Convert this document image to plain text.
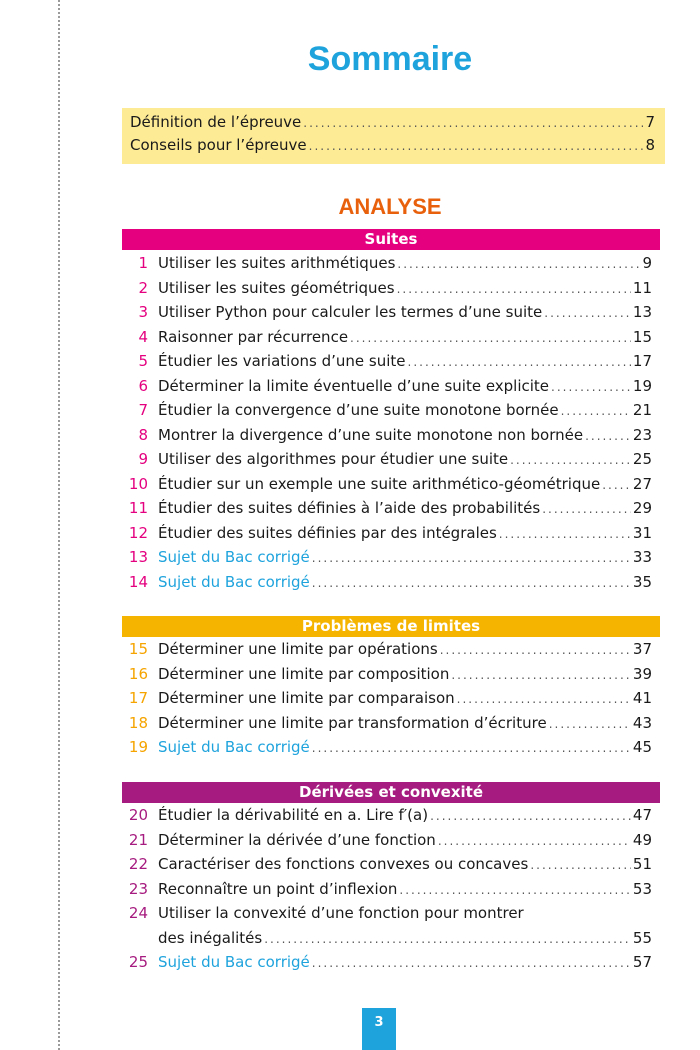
Sommaire
Définition de l’épreuve .....	7
Conseils pour l’épreuve .....	8
ANALYSE
Suites
1 Utiliser les suites arithmétiques .....	9
2 Utiliser les suites géométriques .....	11
3 Utiliser Python pour calculer les termes d’une suite .....	13
4 Raisonner par récurrence .....	15
5 Étudier les variations d’une suite .....	17
6 Déterminer la limite éventuelle d’une suite explicite .....	19
7 Étudier la convergence d’une suite monotone bornée .....	21
8 Montrer la divergence d’une suite monotone non bornée .....	23
9 Utiliser des algorithmes pour étudier une suite .....	25
10 Étudier sur un exemple une suite arithmético-géométrique ..... 27
11 Étudier des suites définies à l’aide des probabilités .....	29
12 Étudier des suites définies par des intégrales .....	31
13 Sujet du Bac corrigé .....	33
14 Sujet du Bac corrigé .....	35
Problèmes de limites
15 Déterminer une limite par opérations .....	37
16 Déterminer une limite par composition .....	39
17 Déterminer une limite par comparaison .....	41
18 Déterminer une limite par transformation d’écriture .....	43
19 Sujet du Bac corrigé .....	45
Dérivées et convexité
20 Étudier la dérivabilité en a. Lire f′(a) .....	47
21 Déterminer la dérivée d’une fonction .....	49
22 Caractériser des fonctions convexes ou concaves .....	51
23 Reconnaître un point d’inflexion .....	53
24 Utiliser la convexité d’une fonction pour montrer
des inégalités .....	55
25 Sujet du Bac corrigé .....	57
3
